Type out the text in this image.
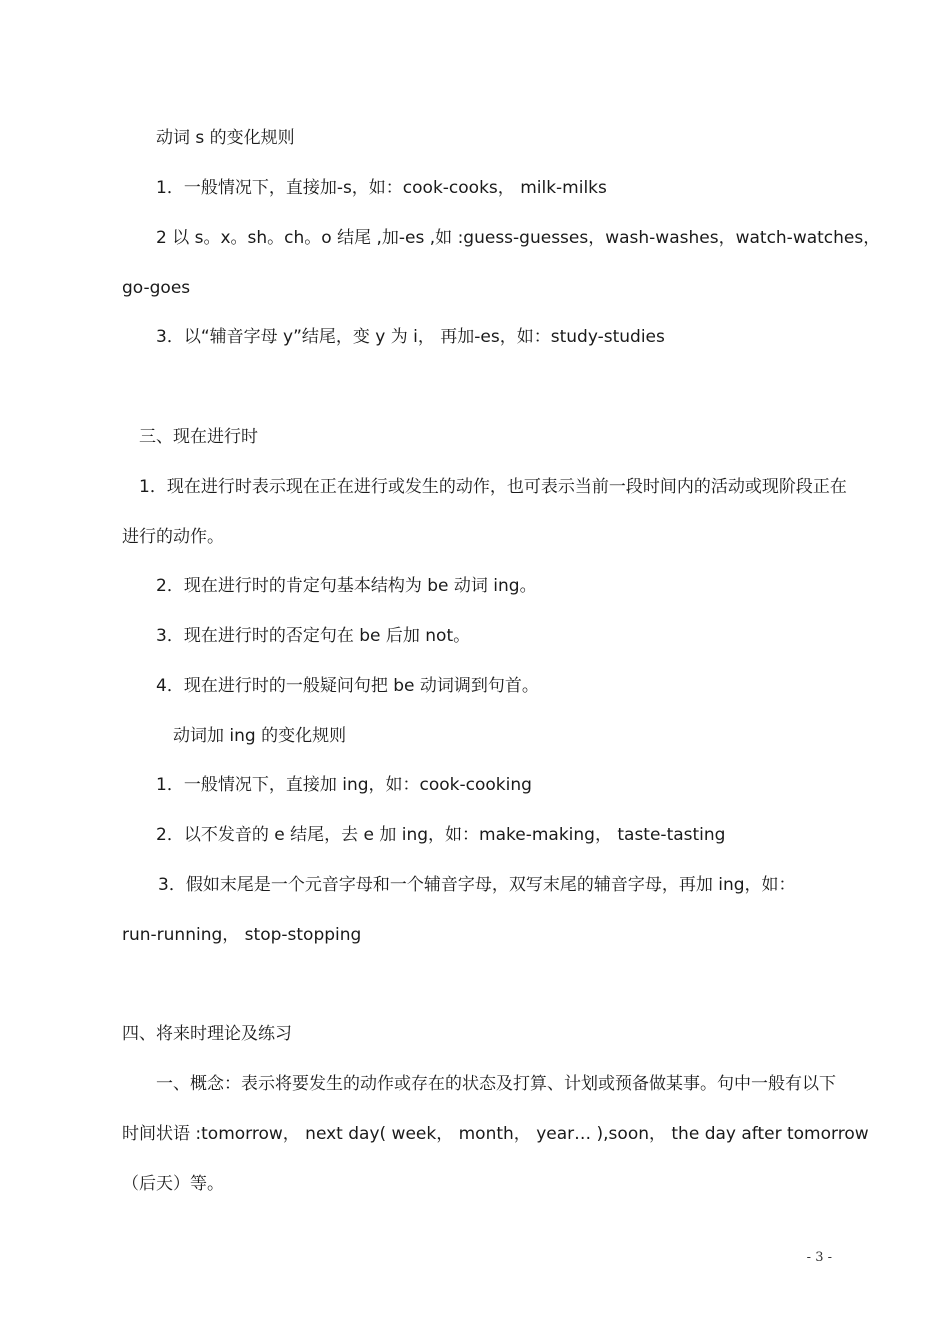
动词 s 的变化规则
1．一般情况下，直接加-s，如：cook-cooks， milk-milks
2 以 s。x。sh。ch。o 结尾 ,加-es ,如 :guess-guesses，wash-washes，watch-watches，
go-goes
3．以“辅音字母 y”结尾，变 y 为 i， 再加-es，如：study-studies
三、现在进行时
1．现在进行时表示现在正在进行或发生的动作，也可表示当前一段时间内的活动或现阶段正在
进行的动作。
2．现在进行时的肯定句基本结构为 be 动词 ing。
3．现在进行时的否定句在 be 后加 not。
4．现在进行时的一般疑问句把 be 动词调到句首。
动词加 ing 的变化规则
1．一般情况下，直接加 ing，如：cook-cooking
2．以不发音的 e 结尾，去 e 加 ing，如：make-making， taste-tasting
3．假如末尾是一个元音字母和一个辅音字母，双写末尾的辅音字母，再加 ing，如：
run-running， stop-stopping
四、将来时理论及练习
一、概念：表示将要发生的动作或存在的状态及打算、计划或预备做某事。句中一般有以下
时间状语 :tomorrow， next day( week， month， year… ),soon， the day after tomorrow
（后天）等。
- 3 -
